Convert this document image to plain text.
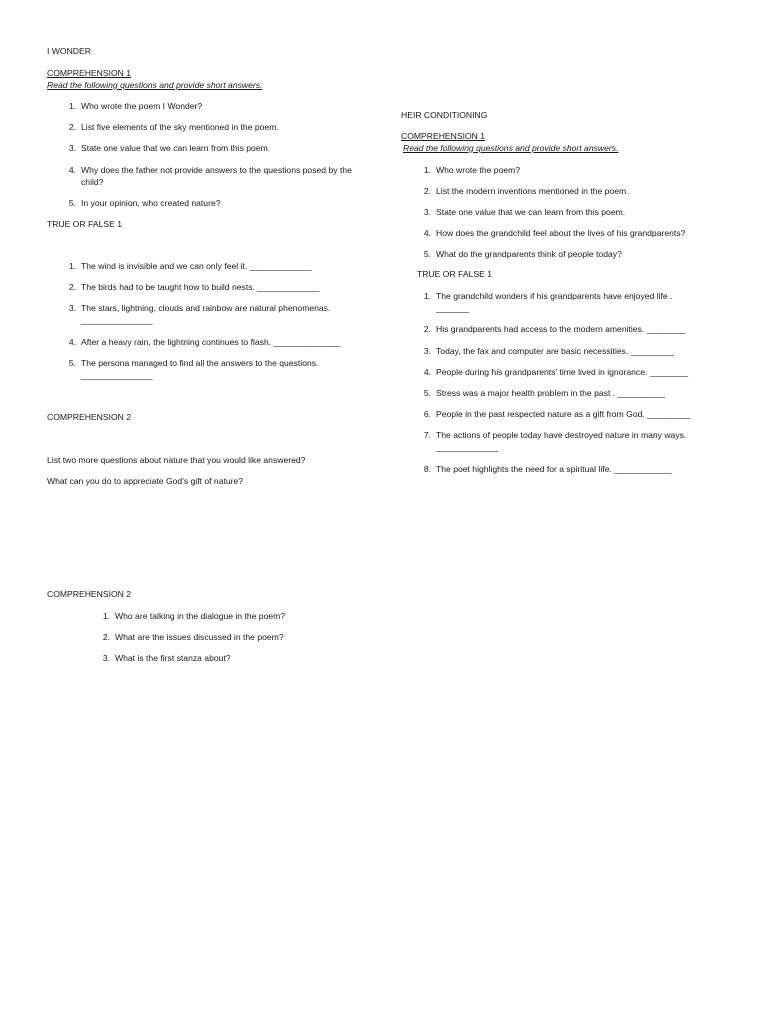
I WONDER
COMPREHENSION 1
Read the following questions and provide short answers.
1. Who wrote the poem I Wonder?
2. List five elements of the sky mentioned in the poem.
3. State one value that we can learn from this poem.
4. Why does the father not provide answers to the questions posed by the
child?
5. In your opinion, who created nature?
TRUE OR FALSE 1
1. The wind is invisible and we can only feel it. _____________
2. The birds had to be taught how to build nests. _____________
3. The stars, lightning, clouds and rainbow are natural phenomenas.
_______________
4. After a heavy rain, the lightning continues to flash. ______________
5. The persona managed to find all the answers to the questions.
_______________
COMPREHENSION 2
List two more questions about nature that you would like answered?
What can you do to appreciate God's gift of nature?
COMPREHENSION 2
1. Who are talking in the dialogue in the poem?
2. What are the issues discussed in the poem?
3. What is the first stanza about?
HEIR CONDITIONING
COMPREHENSION 1
Read the following questions and provide short answers.
1. Who wrote the poem?
2. List the modern inventions mentioned in the poem.
3. State one value that we can learn from this poem.
4. How does the grandchild feel about the lives of his grandparents?
5. What do the grandparents think of people today?
TRUE OR FALSE 1
1. The grandchild wonders if his grandparents have enjoyed life .
_______
2. His grandparents had access to the modern amenities. ________
3. Today, the fax and computer are basic necessities. _________
4. People during his grandparents' time lived in ignorance. ________
5. Stress was a major health problem in the past . __________
6. People in the past respected nature as a gift from God. _________
7. The actions of people today have destroyed nature in many ways.
_____________
8. The poet highlights the need for a spiritual life. ____________
